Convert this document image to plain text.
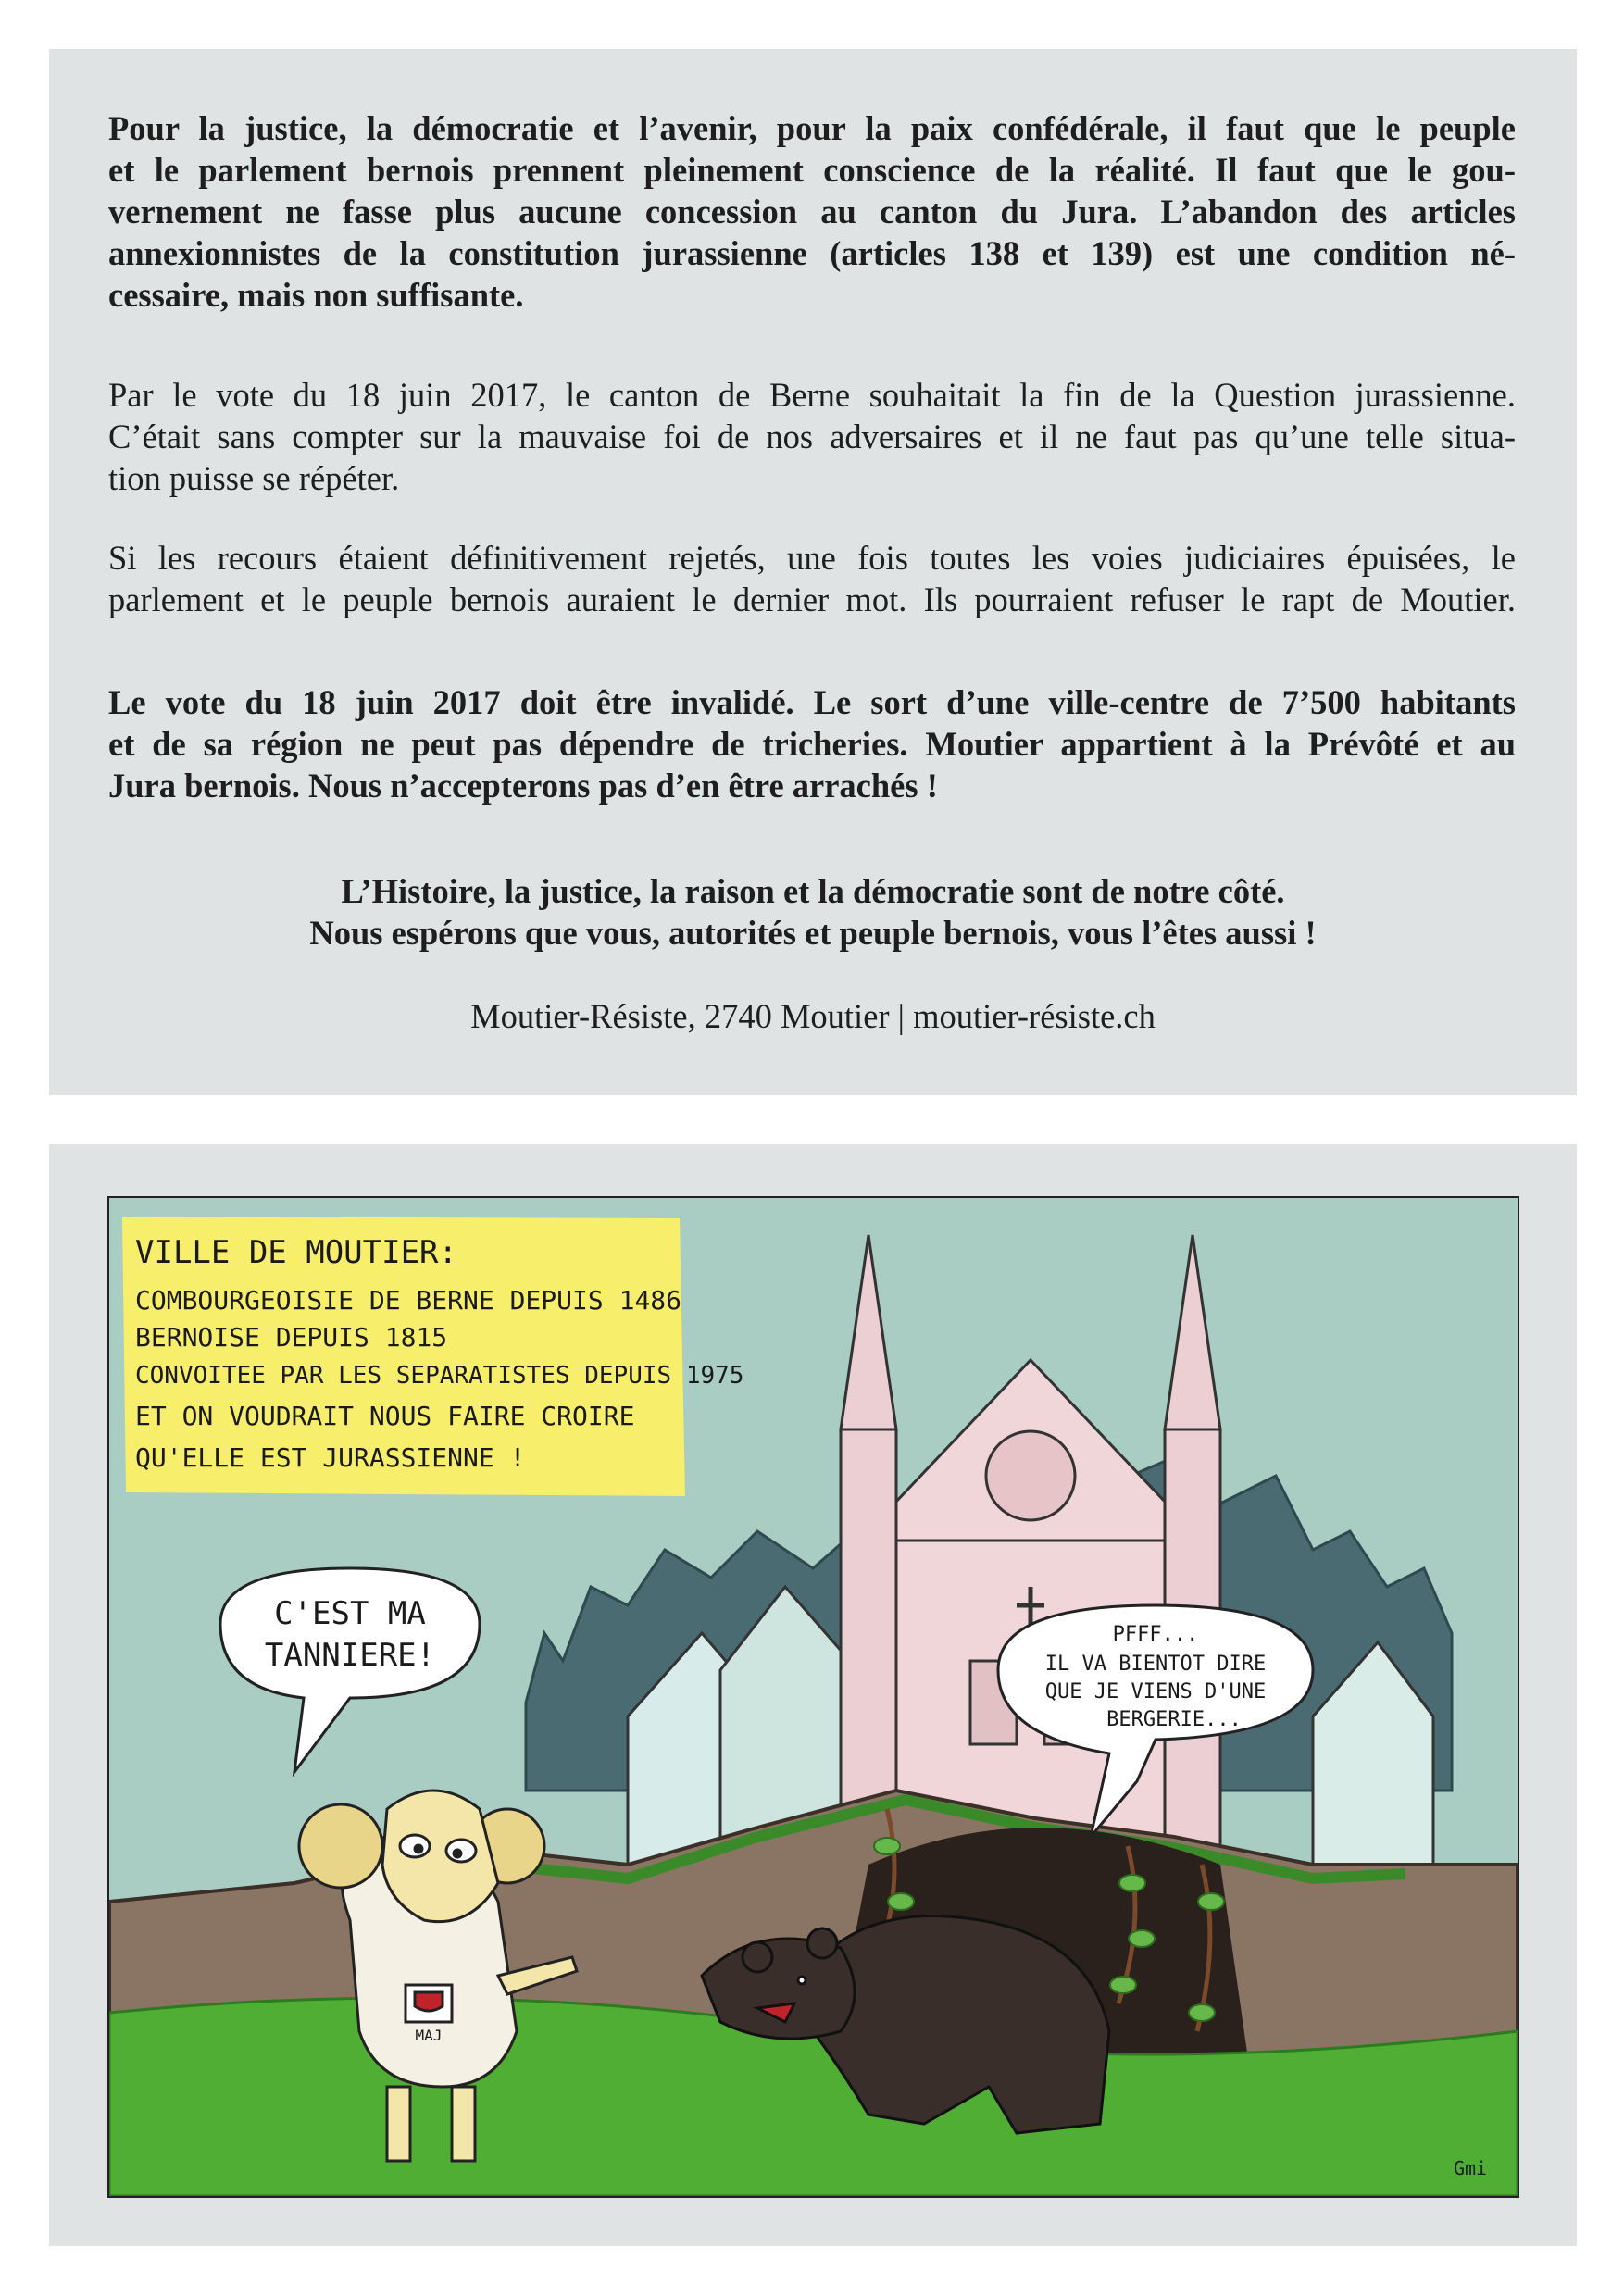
Pour la justice, la démocratie et l’avenir, pour la paix confédérale, il faut que le peuple
et le parlement bernois prennent pleinement conscience de la réalité. Il faut que le gou-
vernement ne fasse plus aucune concession au canton du Jura. L’abandon des articles
annexionnistes de la constitution jurassienne (articles 138 et 139) est une condition né-
cessaire, mais non suffisante.
Par le vote du 18 juin 2017, le canton de Berne souhaitait la fin de la Question jurassienne.
C’était sans compter sur la mauvaise foi de nos adversaires et il ne faut pas qu’une telle situa-
tion puisse se répéter.
Si les recours étaient définitivement rejetés, une fois toutes les voies judiciaires épuisées, le
parlement et le peuple bernois auraient le dernier mot. Ils pourraient refuser le rapt de Moutier.
Le vote du 18 juin 2017 doit être invalidé. Le sort d’une ville-centre de 7’500 habitants
et de sa région ne peut pas dépendre de tricheries. Moutier appartient à la Prévôté et au
Jura bernois. Nous n’accepterons pas d’en être arrachés !
L’Histoire, la justice, la raison et la démocratie sont de notre côté.
Nous espérons que vous, autorités et peuple bernois, vous l’êtes aussi !
Moutier-Résiste, 2740 Moutier | moutier-résiste.ch
VILLE DE MOUTIER:
COMBOURGEOISIE DE BERNE DEPUIS 1486
BERNOISE DEPUIS 1815
CONVOITEE PAR LES SEPARATISTES DEPUIS 1975
ET ON VOUDRAIT NOUS FAIRE CROIRE
QU'ELLE EST JURASSIENNE !
C'EST MA
TANNIERE!
PFFF...
IL VA BIENTOT DIRE
QUE JE VIENS D'UNE
BERGERIE...
MAJ
Gmi
